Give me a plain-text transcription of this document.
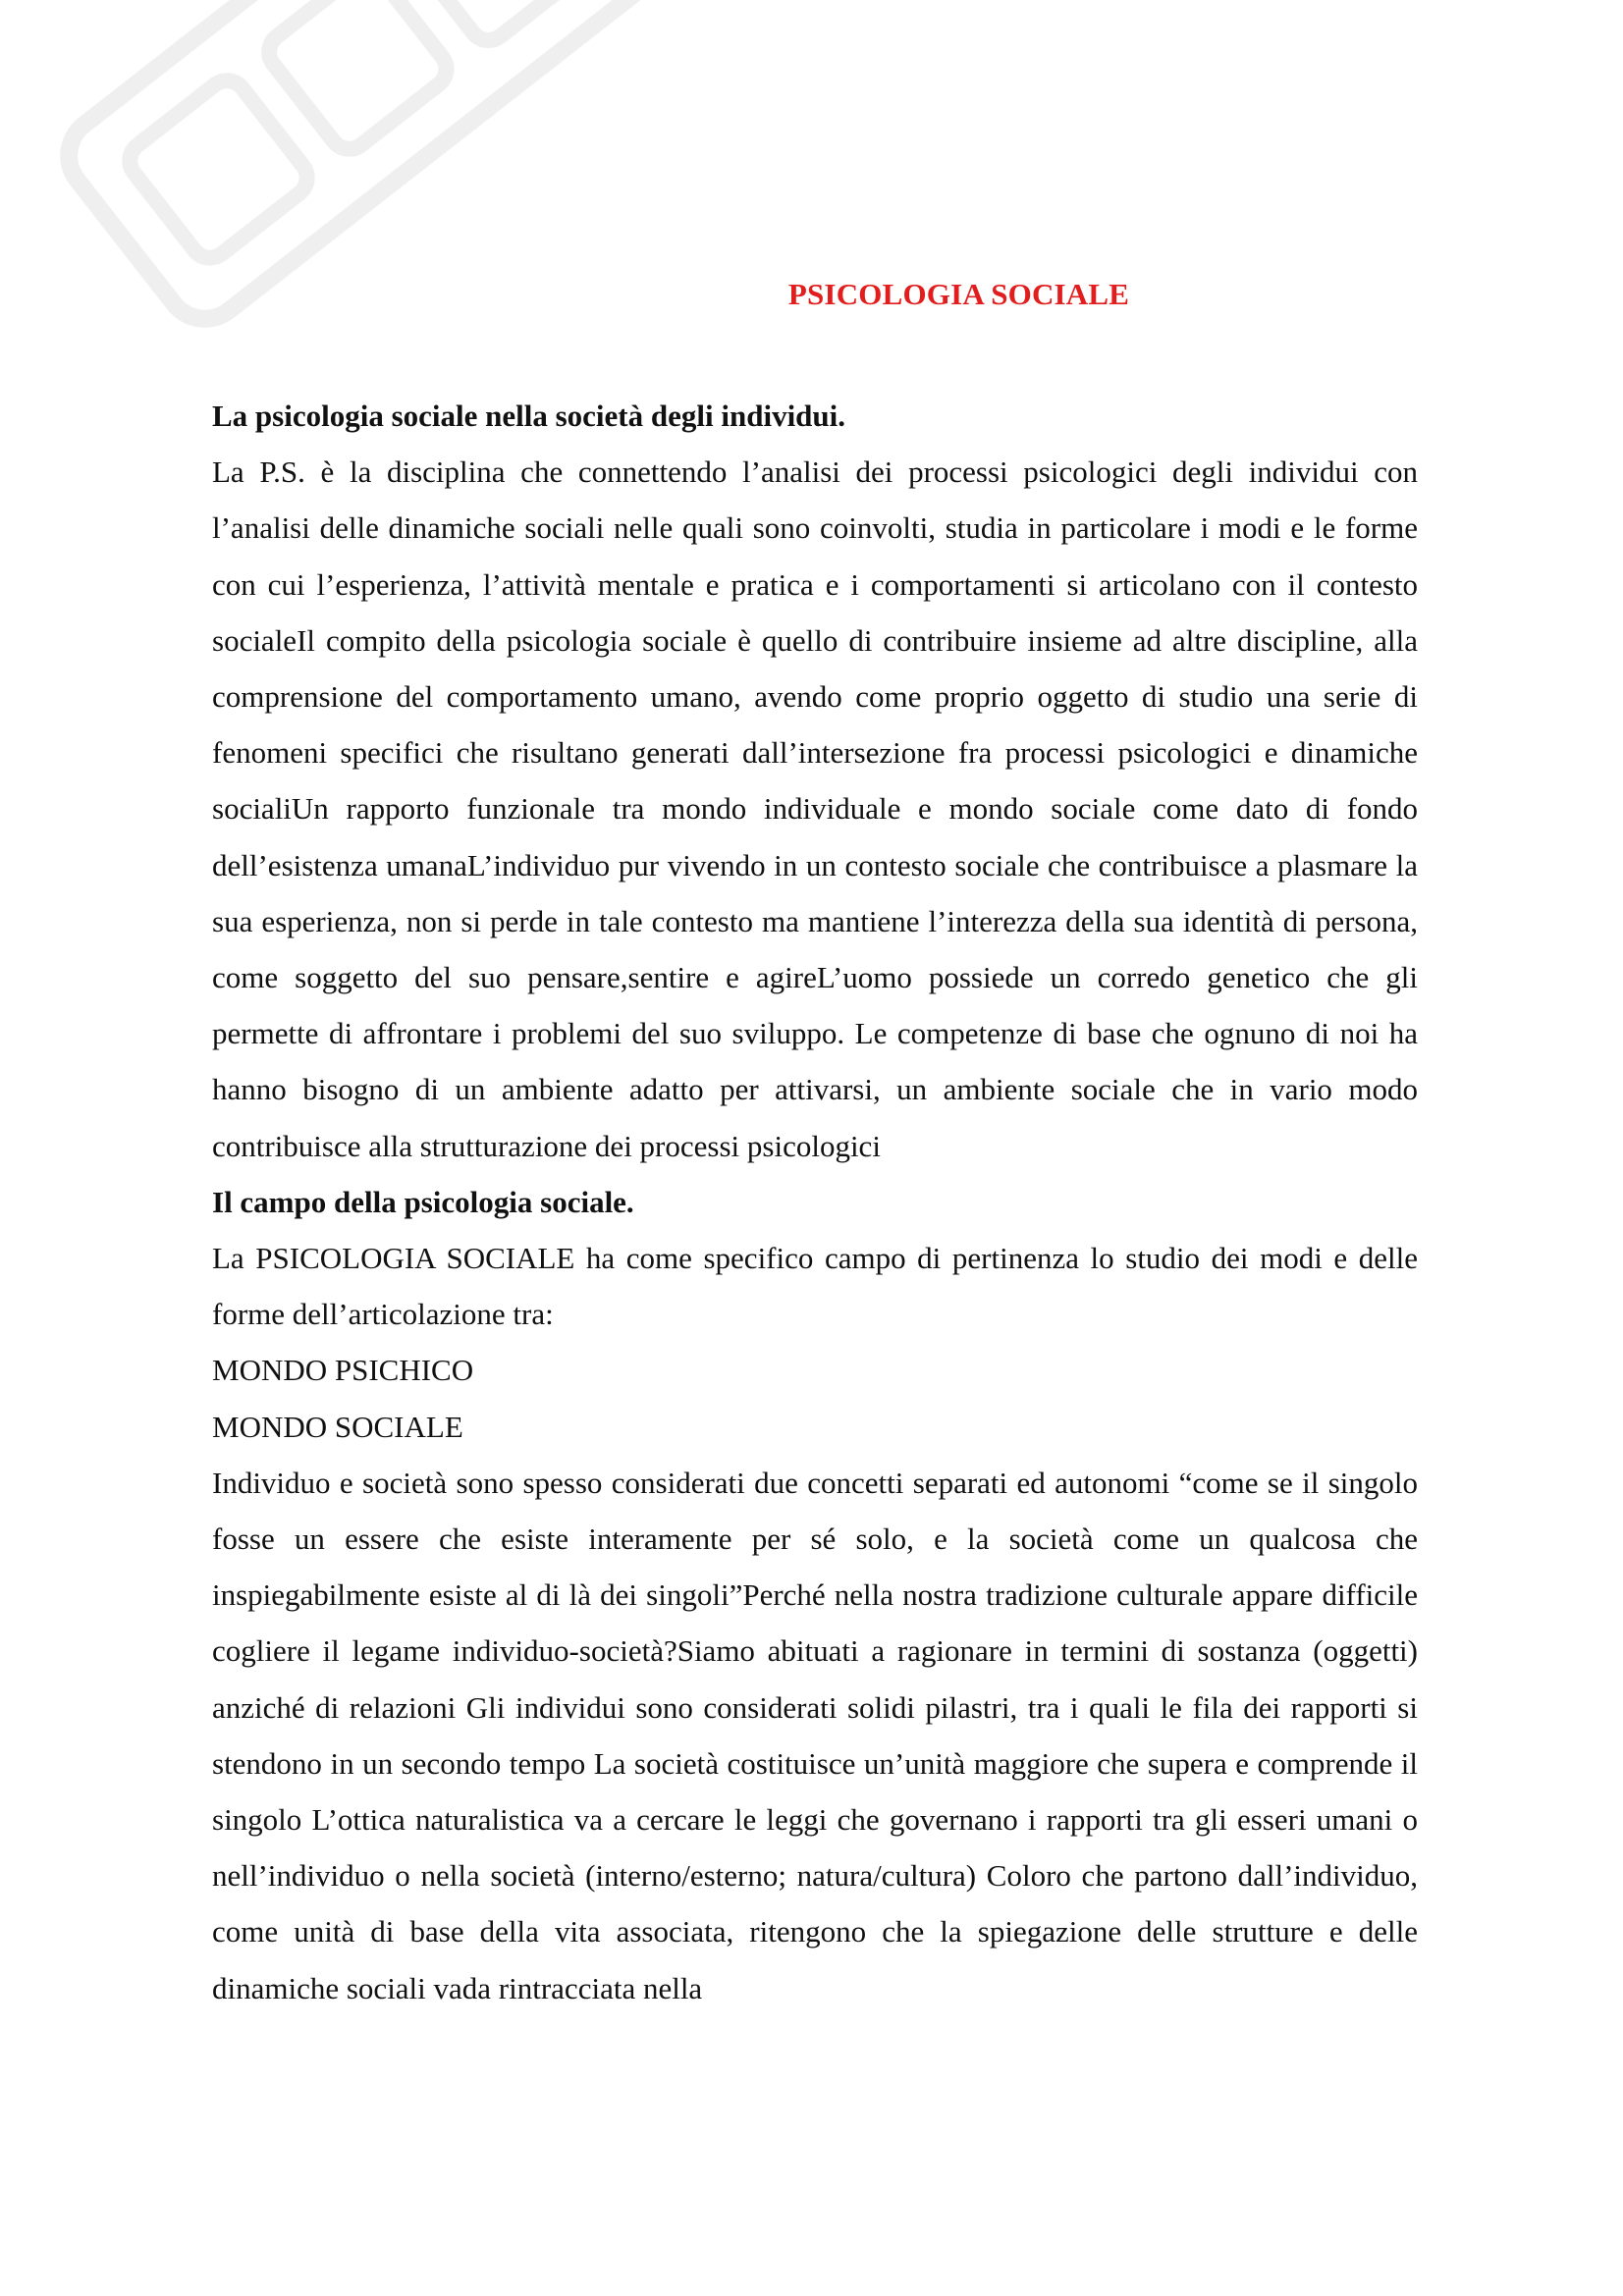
PSICOLOGIA SOCIALE

La psicologia sociale nella società degli individui.

La P.S. è la disciplina che connettendo l’analisi dei processi psicologici degli individui con l’analisi delle dinamiche sociali nelle quali sono coinvolti, studia in particolare i modi e le forme con cui l’esperienza, l’attività mentale e pratica e i comportamenti si articolano con il contesto socialeIl compito della psicologia sociale è quello di contribuire insieme ad altre discipline, alla comprensione del comportamento umano, avendo come proprio oggetto di studio una serie di fenomeni specifici che risultano generati dall’intersezione fra processi psicologici e dinamiche socialiUn rapporto funzionale tra mondo individuale e mondo sociale come dato di fondo dell’esistenza umanaL’individuo pur vivendo in un contesto sociale che contribuisce a plasmare la sua esperienza, non si perde in tale contesto ma mantiene l’interezza della sua identità di persona, come soggetto del suo pensare,sentire e agireL’uomo possiede un corredo genetico che gli permette di affrontare i problemi del suo sviluppo. Le competenze di base che ognuno di noi ha hanno bisogno di un ambiente adatto per attivarsi, un ambiente sociale che in vario modo contribuisce alla strutturazione dei processi psicologici

Il campo della psicologia sociale.

La PSICOLOGIA SOCIALE ha come specifico campo di pertinenza lo studio dei modi e delle forme dell’articolazione tra:

MONDO PSICHICO

MONDO SOCIALE

Individuo e società sono spesso considerati due concetti separati ed autonomi “come se il singolo fosse un essere che esiste interamente per sé solo, e la società come un qualcosa che inspiegabilmente esiste al di là dei singoli”Perché nella nostra tradizione culturale appare difficile cogliere il legame individuo-società?Siamo abituati a ragionare in termini di sostanza (oggetti) anziché di relazioni Gli individui sono considerati solidi pilastri, tra i quali le fila dei rapporti si stendono in un secondo tempo La società costituisce un’unità maggiore che supera e comprende il singolo L’ottica naturalistica va a cercare le leggi che governano i rapporti tra gli esseri umani o nell’individuo o nella società (interno/esterno; natura/cultura) Coloro che partono dall’individuo, come unità di base della vita associata, ritengono che la spiegazione delle strutture e delle dinamiche sociali vada rintracciata nella
